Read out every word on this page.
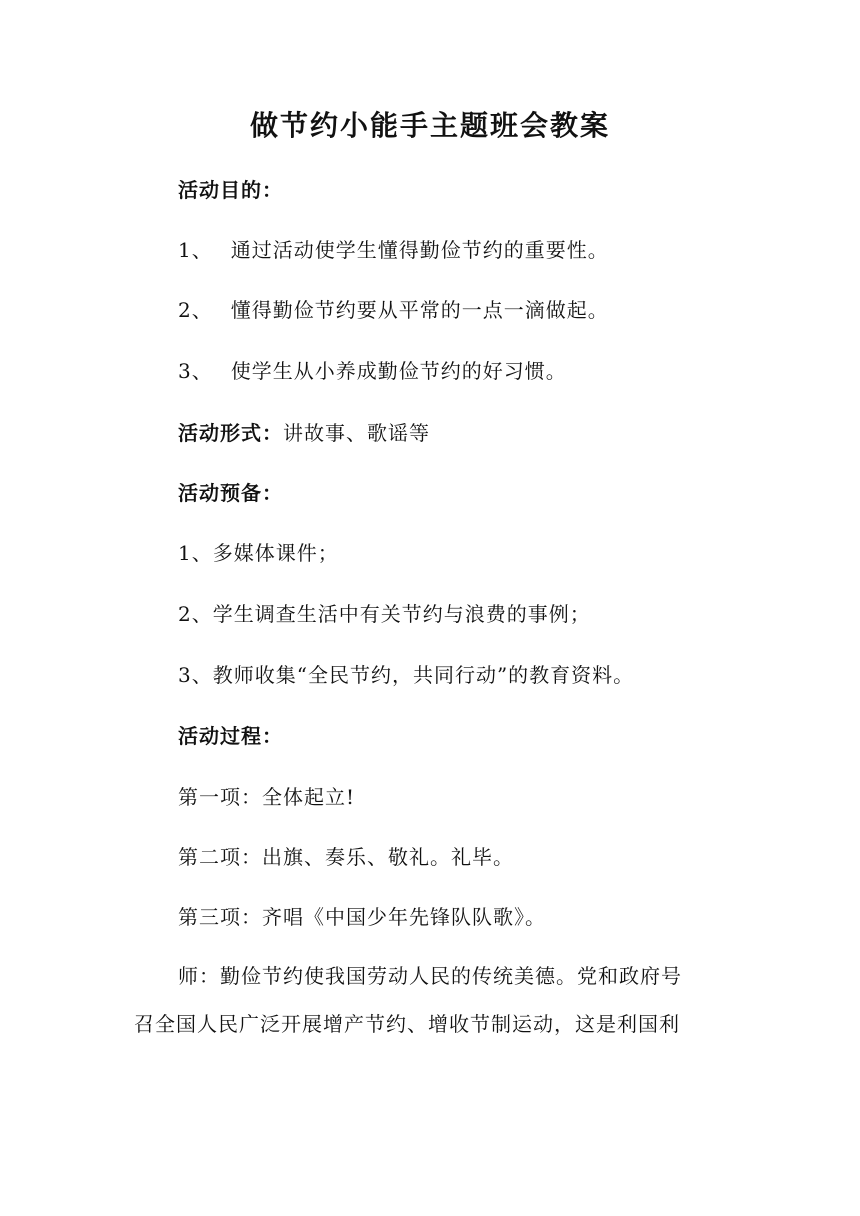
做节约小能手主题班会教案
活动目的：
1、 通过活动使学生懂得勤俭节约的重要性。
2、 懂得勤俭节约要从平常的一点一滴做起。
3、 使学生从小养成勤俭节约的好习惯。
活动形式：讲故事、歌谣等
活动预备：
1、多媒体课件；
2、学生调查生活中有关节约与浪费的事例；
3、教师收集“全民节约，共同行动”的教育资料。
活动过程：
第一项：全体起立!
第二项：出旗、奏乐、敬礼。礼毕。
第三项：齐唱《中国少年先锋队队歌》。
师：勤俭节约使我国劳动人民的传统美德。党和政府号
召全国人民广泛开展增产节约、增收节制运动，这是利国利
